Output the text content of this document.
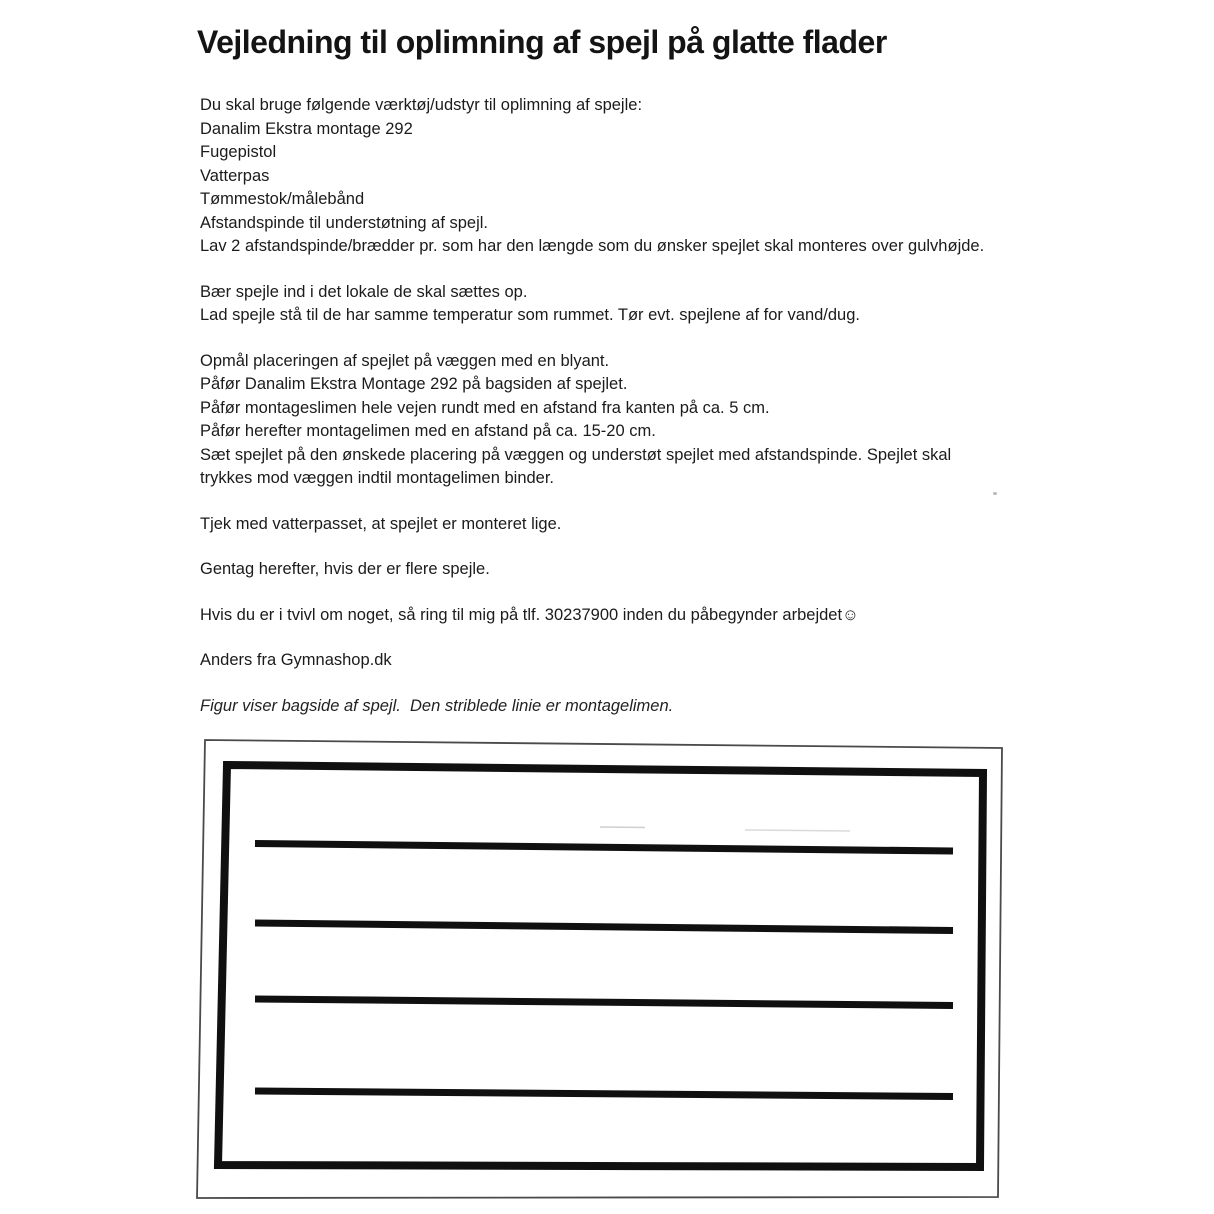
Vejledning til oplimning af spejl på glatte flader

Du skal bruge følgende værktøj/udstyr til oplimning af spejle:
Danalim Ekstra montage 292
Fugepistol
Vatterpas
Tømmestok/målebånd
Afstandspinde til understøtning af spejl.
Lav 2 afstandspinde/brædder pr. som har den længde som du ønsker spejlet skal monteres over gulvhøjde.

Bær spejle ind i det lokale de skal sættes op.
Lad spejle stå til de har samme temperatur som rummet. Tør evt. spejlene af for vand/dug.

Opmål placeringen af spejlet på væggen med en blyant.
Påfør Danalim Ekstra Montage 292 på bagsiden af spejlet.
Påfør montageslimen hele vejen rundt med en afstand fra kanten på ca. 5 cm.
Påfør herefter montagelimen med en afstand på ca. 15-20 cm.
Sæt spejlet på den ønskede placering på væggen og understøt spejlet med afstandspinde. Spejlet skal
trykkes mod væggen indtil montagelimen binder.

Tjek med vatterpasset, at spejlet er monteret lige.

Gentag herefter, hvis der er flere spejle.

Hvis du er i tvivl om noget, så ring til mig på tlf. 30237900 inden du påbegynder arbejdet☺

Anders fra Gymnashop.dk

Figur viser bagside af spejl.  Den striblede linie er montagelimen.
